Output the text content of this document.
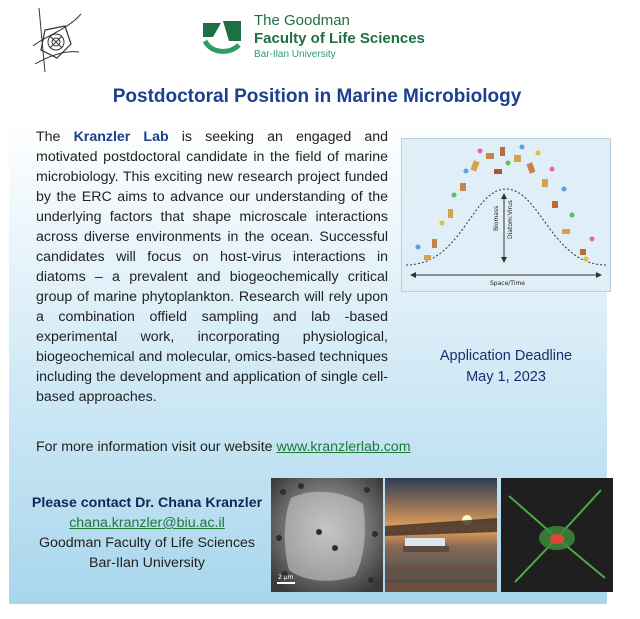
The Goodman
Faculty of Life Sciences
Bar-Ilan University
Postdoctoral Position in Marine Microbiology
The Kranzler Lab is seeking an engaged and motivated postdoctoral candidate in the field of marine microbiology. This exciting new research project funded by the ERC aims to advance our understanding of the underlying factors that shape microscale interactions across diverse environments in the ocean. Successful candidates will focus on host-virus interactions in diatoms – a prevalent and biogeochemically critical group of marine phytoplankton. Research will rely upon a combination offield sampling and lab -based experimental work, incorporating physiological, biogeochemical and molecular, omics-based techniques including the development and application of single cell-based approaches.
For more information visit our website www.kranzlerlab.com
Biomass Diatom:Virus
Space/Time
Application Deadline
May 1, 2023
Please contact Dr. Chana Kranzler
chana.kranzler@biu.ac.il
Goodman Faculty of Life Sciences
Bar-Ilan University
2 µm
